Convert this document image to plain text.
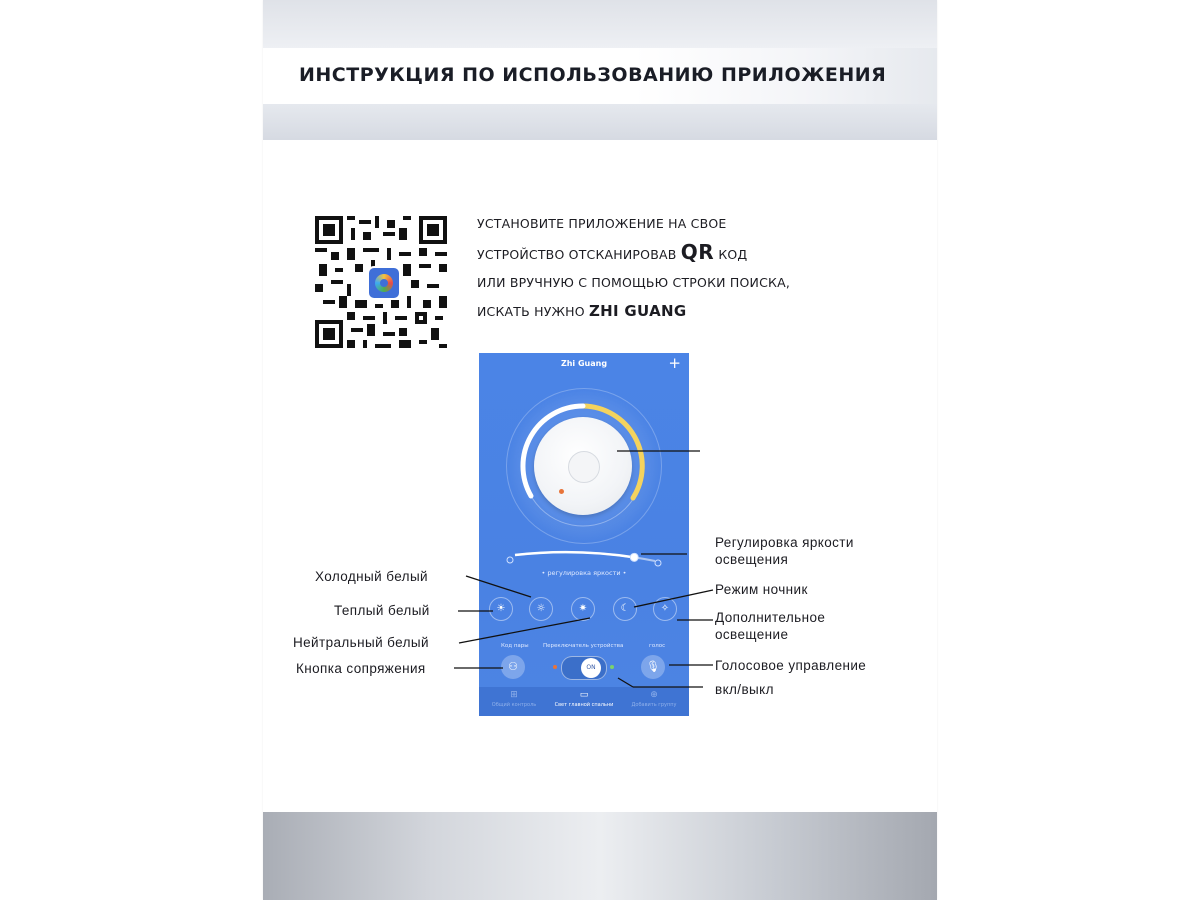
ИНСТРУКЦИЯ ПО ИСПОЛЬЗОВАНИЮ ПРИЛОЖЕНИЯ
УСТАНОВИТЕ ПРИЛОЖЕНИЕ НА СВОЕ
УСТРОЙСТВО ОТСКАНИРОВАВ QR КОД
ИЛИ ВРУЧНУЮ С ПОМОЩЬЮ СТРОКИ ПОИСКА,
ИСКАТЬ НУЖНО ZHI GUANG
Zhi Guang	+
• регулировка яркости •
☀	☼	✷	☾	✧
Код пары	Переключатель устройства	голос
⚇	ON	🎙
⊞
Общий контроль
▭
Свет главной спальни
⊕
Добавить группу
Регулировка яркости
освещения
Холодный белый
Режим ночник
Теплый белый	Дополнительное
освещение
Нейтральный белый
Голосовое управление
Кнопка сопряжения
вкл/выкл
